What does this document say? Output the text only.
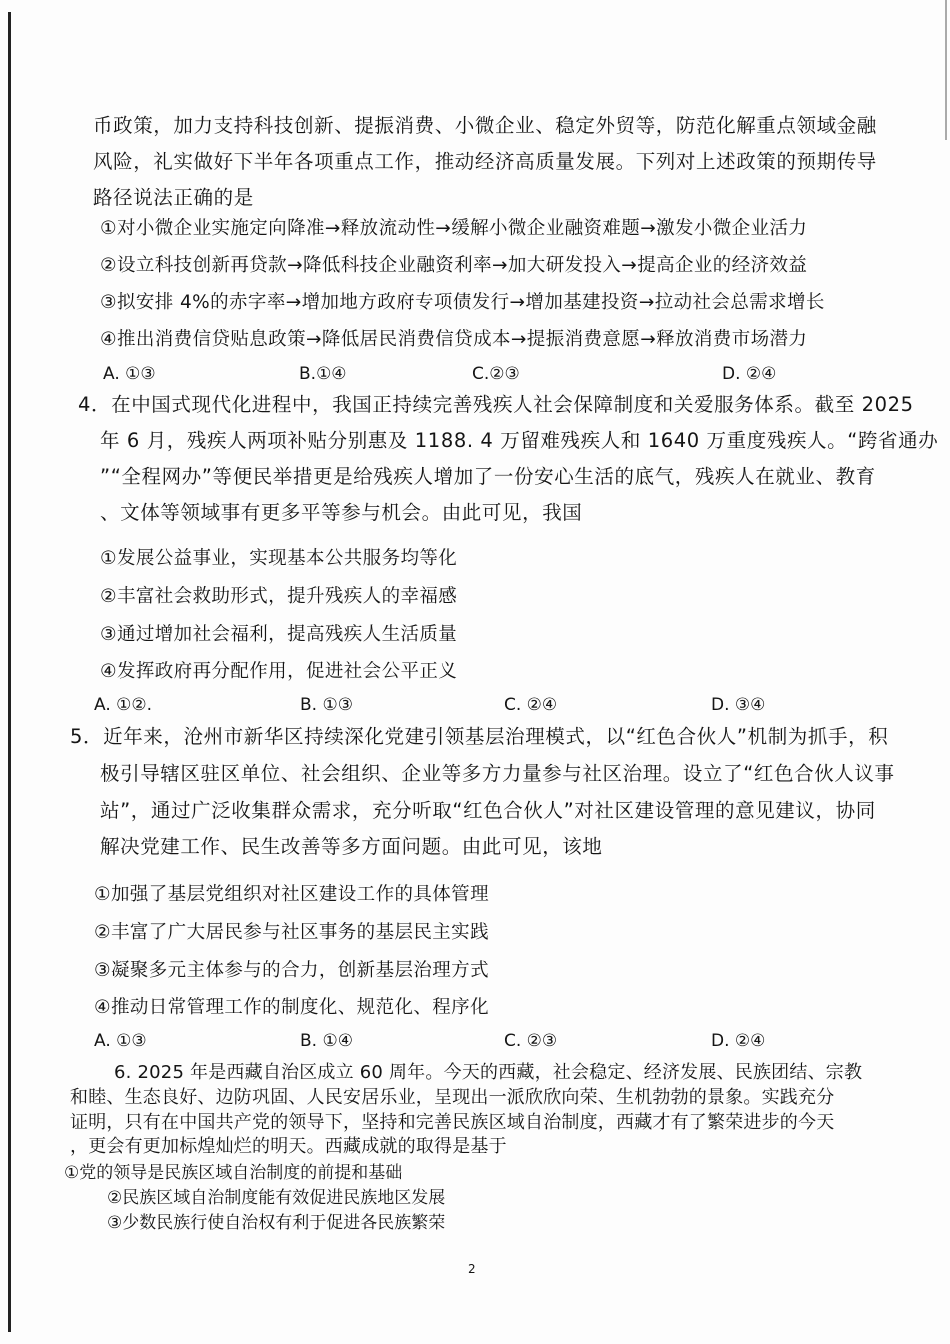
币政策，加力支持科技创新、提振消费、小微企业、稳定外贸等，防范化解重点领域金融

风险，礼实做好下半年各项重点工作，推动经济高质量发展。下列对上述政策的预期传导

路径说法正确的是

①对小微企业实施定向降准→释放流动性→缓解小微企业融资难题→激发小微企业活力

②设立科技创新再贷款→降低科技企业融资利率→加大研发投入→提高企业的经济效益

③拟安排 4%的赤字率→增加地方政府专项债发行→增加基建投资→拉动社会总需求增长

④推出消费信贷贴息政策→降低居民消费信贷成本→提振消费意愿→释放消费市场潜力

A. ①③	B.①④	C.②③	D. ②④

4．在中国式现代化进程中，我国正持续完善残疾人社会保障制度和关爱服务体系。截至 2025

年 6 月，残疾人两项补贴分别惠及 1188. 4 万留难残疾人和 1640 万重度残疾人。“跨省通办

”“全程网办”等便民举措更是给残疾人增加了一份安心生活的底气，残疾人在就业、教育

、文体等领域事有更多平等参与机会。由此可见，我国

①发展公益事业，实现基本公共服务均等化

②丰富社会救助形式，提升残疾人的幸福感

③通过增加社会福利，提高残疾人生活质量

④发挥政府再分配作用，促进社会公平正义

A. ①②.	B. ①③	C. ②④	D. ③④

5．近年来，沧州市新华区持续深化党建引领基层治理模式，以“红色合伙人”机制为抓手，积

极引导辖区驻区单位、社会组织、企业等多方力量参与社区治理。设立了“红色合伙人议事

站”，通过广泛收集群众需求，充分听取“红色合伙人”对社区建设管理的意见建议，协同

解决党建工作、民生改善等多方面问题。由此可见，该地

①加强了基层党组织对社区建设工作的具体管理

②丰富了广大居民参与社区事务的基层民主实践

③凝聚多元主体参与的合力，创新基层治理方式

④推动日常管理工作的制度化、规范化、程序化

A. ①③	B. ①④	C. ②③	D. ②④

6. 2025 年是西藏自治区成立 60 周年。今天的西藏，社会稳定、经济发展、民族团结、宗教

和睦、生态良好、边防巩固、人民安居乐业，呈现出一派欣欣向荣、生机勃勃的景象。实践充分

证明，只有在中国共产党的领导下，坚持和完善民族区域自治制度，西藏才有了繁荣进步的今天

，更会有更加标煌灿烂的明天。西藏成就的取得是基于

①党的领导是民族区域自治制度的前提和基础

②民族区域自治制度能有效促进民族地区发展

③少数民族行使自治权有利于促进各民族繁荣

2
